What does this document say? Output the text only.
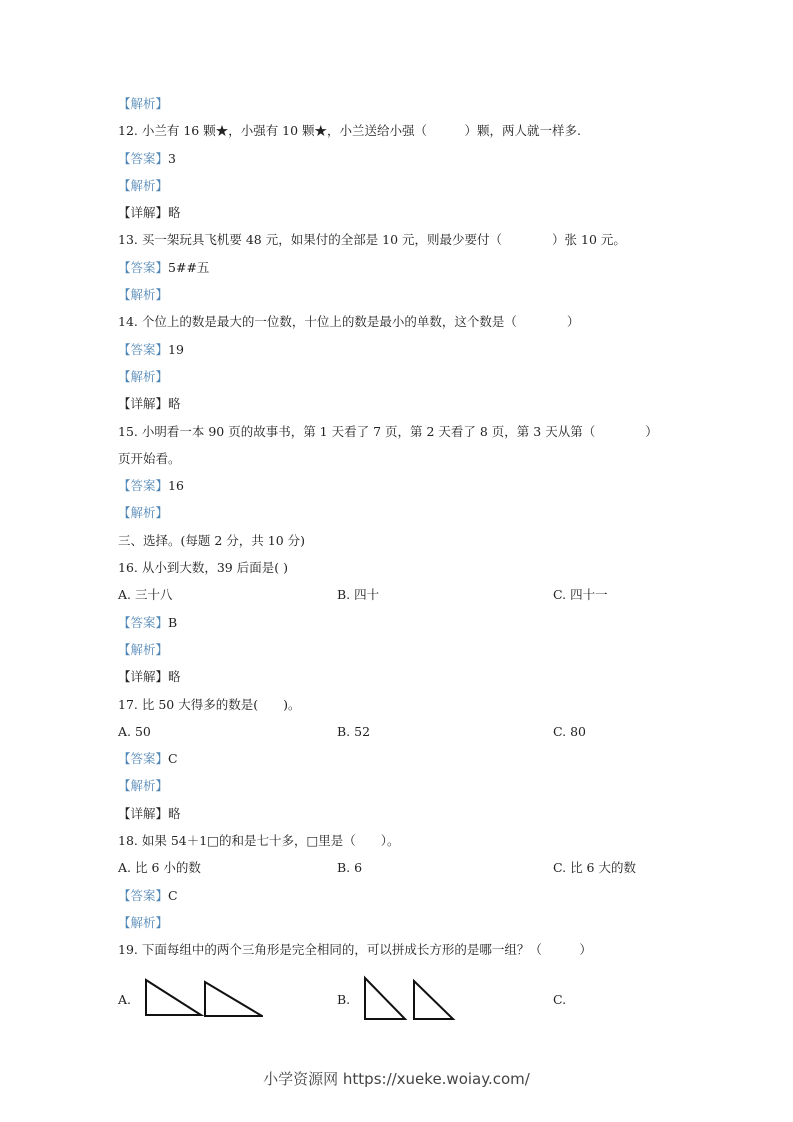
【解析】
12. 小兰有 16 颗★，小强有 10 颗★，小兰送给小强（　　　）颗，两人就一样多.
【答案】3
【解析】
【详解】略
13. 买一架玩具飞机要 48 元，如果付的全部是 10 元，则最少要付（　　　　）张 10 元。
【答案】5##五
【解析】
14. 个位上的数是最大的一位数，十位上的数是最小的单数，这个数是（　　　　）
【答案】19
【解析】
【详解】略
15. 小明看一本 90 页的故事书，第 1 天看了 7 页，第 2 天看了 8 页，第 3 天从第（　　　　）
页开始看。
【答案】16
【解析】
三、选择。(每题 2 分，共 10 分)
16. 从小到大数，39 后面是( )
A. 三十八	B. 四十	C. 四十一
【答案】B
【解析】
【详解】略
17. 比 50 大得多的数是(　　)。
A. 50	B. 52	C. 80
【答案】C
【解析】
【详解】略
18. 如果 54＋1□的和是七十多，□里是（　　）。
A. 比 6 小的数	B. 6	C. 比 6 大的数
【答案】C
【解析】
19. 下面每组中的两个三角形是完全相同的，可以拼成长方形的是哪一组？（　　　）
A.	B.	C.
小学资源网 https://xueke.woiay.com/
